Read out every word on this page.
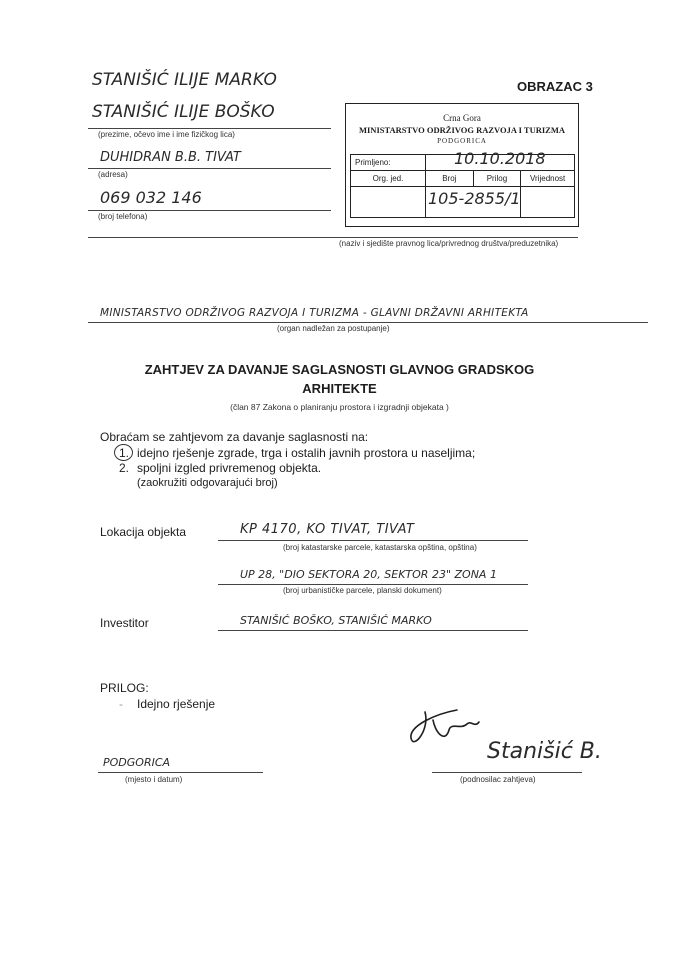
OBRAZAC 3
STANIŠIĆ ILIJE MARKO
STANIŠIĆ ILIJE BOŠKO
(prezime, očevo ime i ime fizičkog lica)
DUHIDRAN B.B. TIVAT
(adresa)
069 032 146
(broj telefona)
(naziv i sjedište pravnog lica/privrednog društva/preduzetnika)
Crna Gora
MINISTARSTVO ODRŽIVOG RAZVOJA I TURIZMA
PODGORICA
Primljeno:	10.10.2018		

Org. jed.	Broj	Prilog	Vrijednost

	105-2855/1		

MINISTARSTVO ODRŽIVOG RAZVOJA I TURIZMA - GLAVNI DRŽAVNI ARHITEKTA
(organ nadležan za postupanje)
ZAHTJEV ZA DAVANJE SAGLASNOSTI GLAVNOG GRADSKOG
ARHITEKTE
(član 87 Zakona o planiranju prostora i izgradnji objekata )
Obraćam se zahtjevom za davanje saglasnosti na:
1. idejno rješenje zgrade, trga i ostalih javnih prostora u naseljima;
2. spoljni izgled privremenog objekta.
(zaokružiti odgovarajući broj)
Lokacija objekta	KP 4170, KO TIVAT, TIVAT
(broj katastarske parcele, katastarska opština, opština)
UP 28, "DIO SEKTORA 20, SEKTOR 23" ZONA 1
(broj urbanističke parcele, planski dokument)
Investitor	STANIŠIĆ BOŠKO, STANIŠIĆ MARKO
PRILOG:
- Idejno rješenje
PODGORICA
(mjesto i datum)
Stanišić B.
(podnosilac zahtjeva)
